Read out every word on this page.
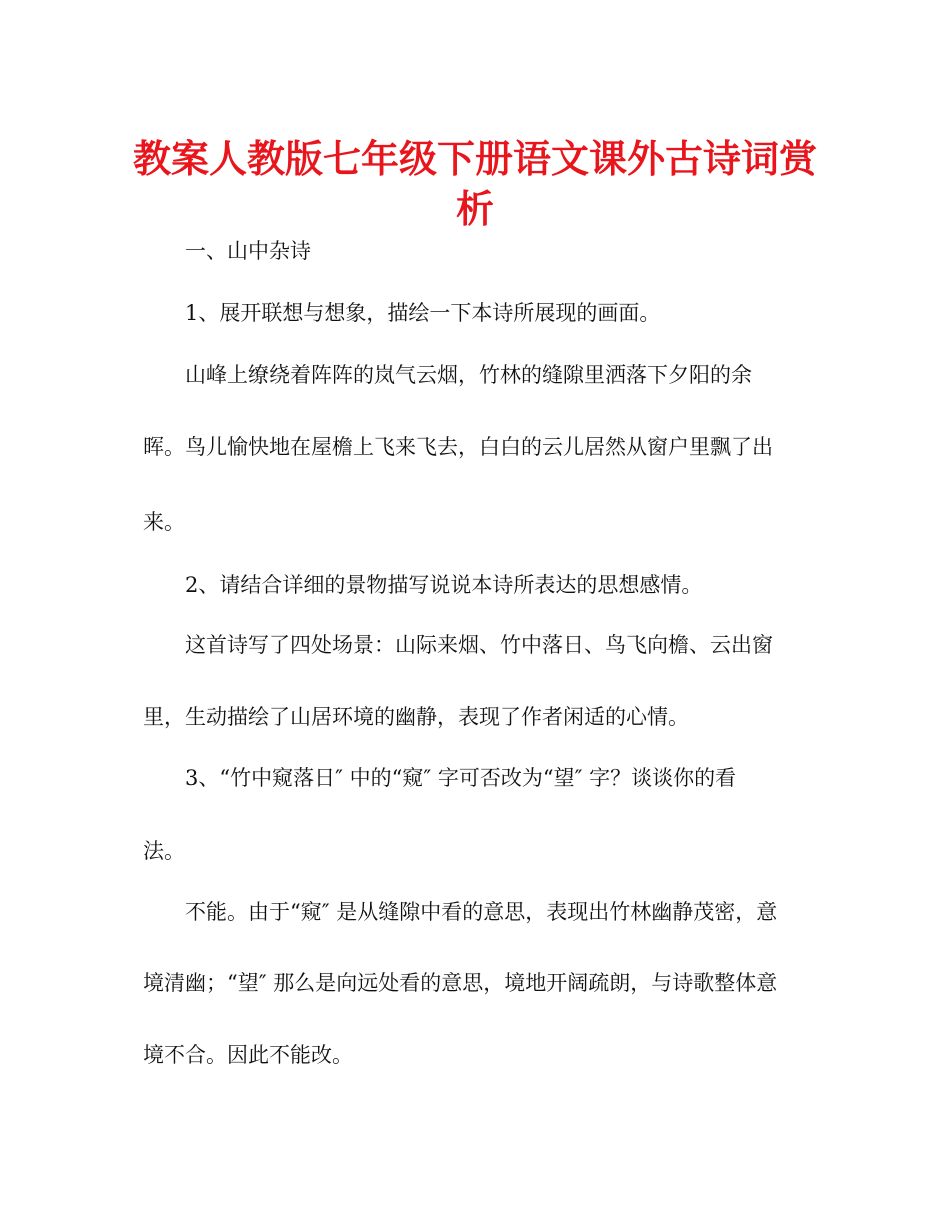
教案人教版七年级下册语文课外古诗词赏
析

一、山中杂诗

1、展开联想与想象，描绘一下本诗所展现的画面。

山峰上缭绕着阵阵的岚气云烟，竹林的缝隙里洒落下夕阳的余

晖。鸟儿愉快地在屋檐上飞来飞去，白白的云儿居然从窗户里飘了出

来。

2、请结合详细的景物描写说说本诗所表达的思想感情。

这首诗写了四处场景：山际来烟、竹中落日、鸟飞向檐、云出窗

里，生动描绘了山居环境的幽静，表现了作者闲适的心情。

3、“竹中窥落日″ 中的“窥″ 字可否改为“望″ 字？谈谈你的看

法。

不能。由于“窥″ 是从缝隙中看的意思，表现出竹林幽静茂密，意

境清幽；“望″ 那么是向远处看的意思，境地开阔疏朗，与诗歌整体意

境不合。因此不能改。
